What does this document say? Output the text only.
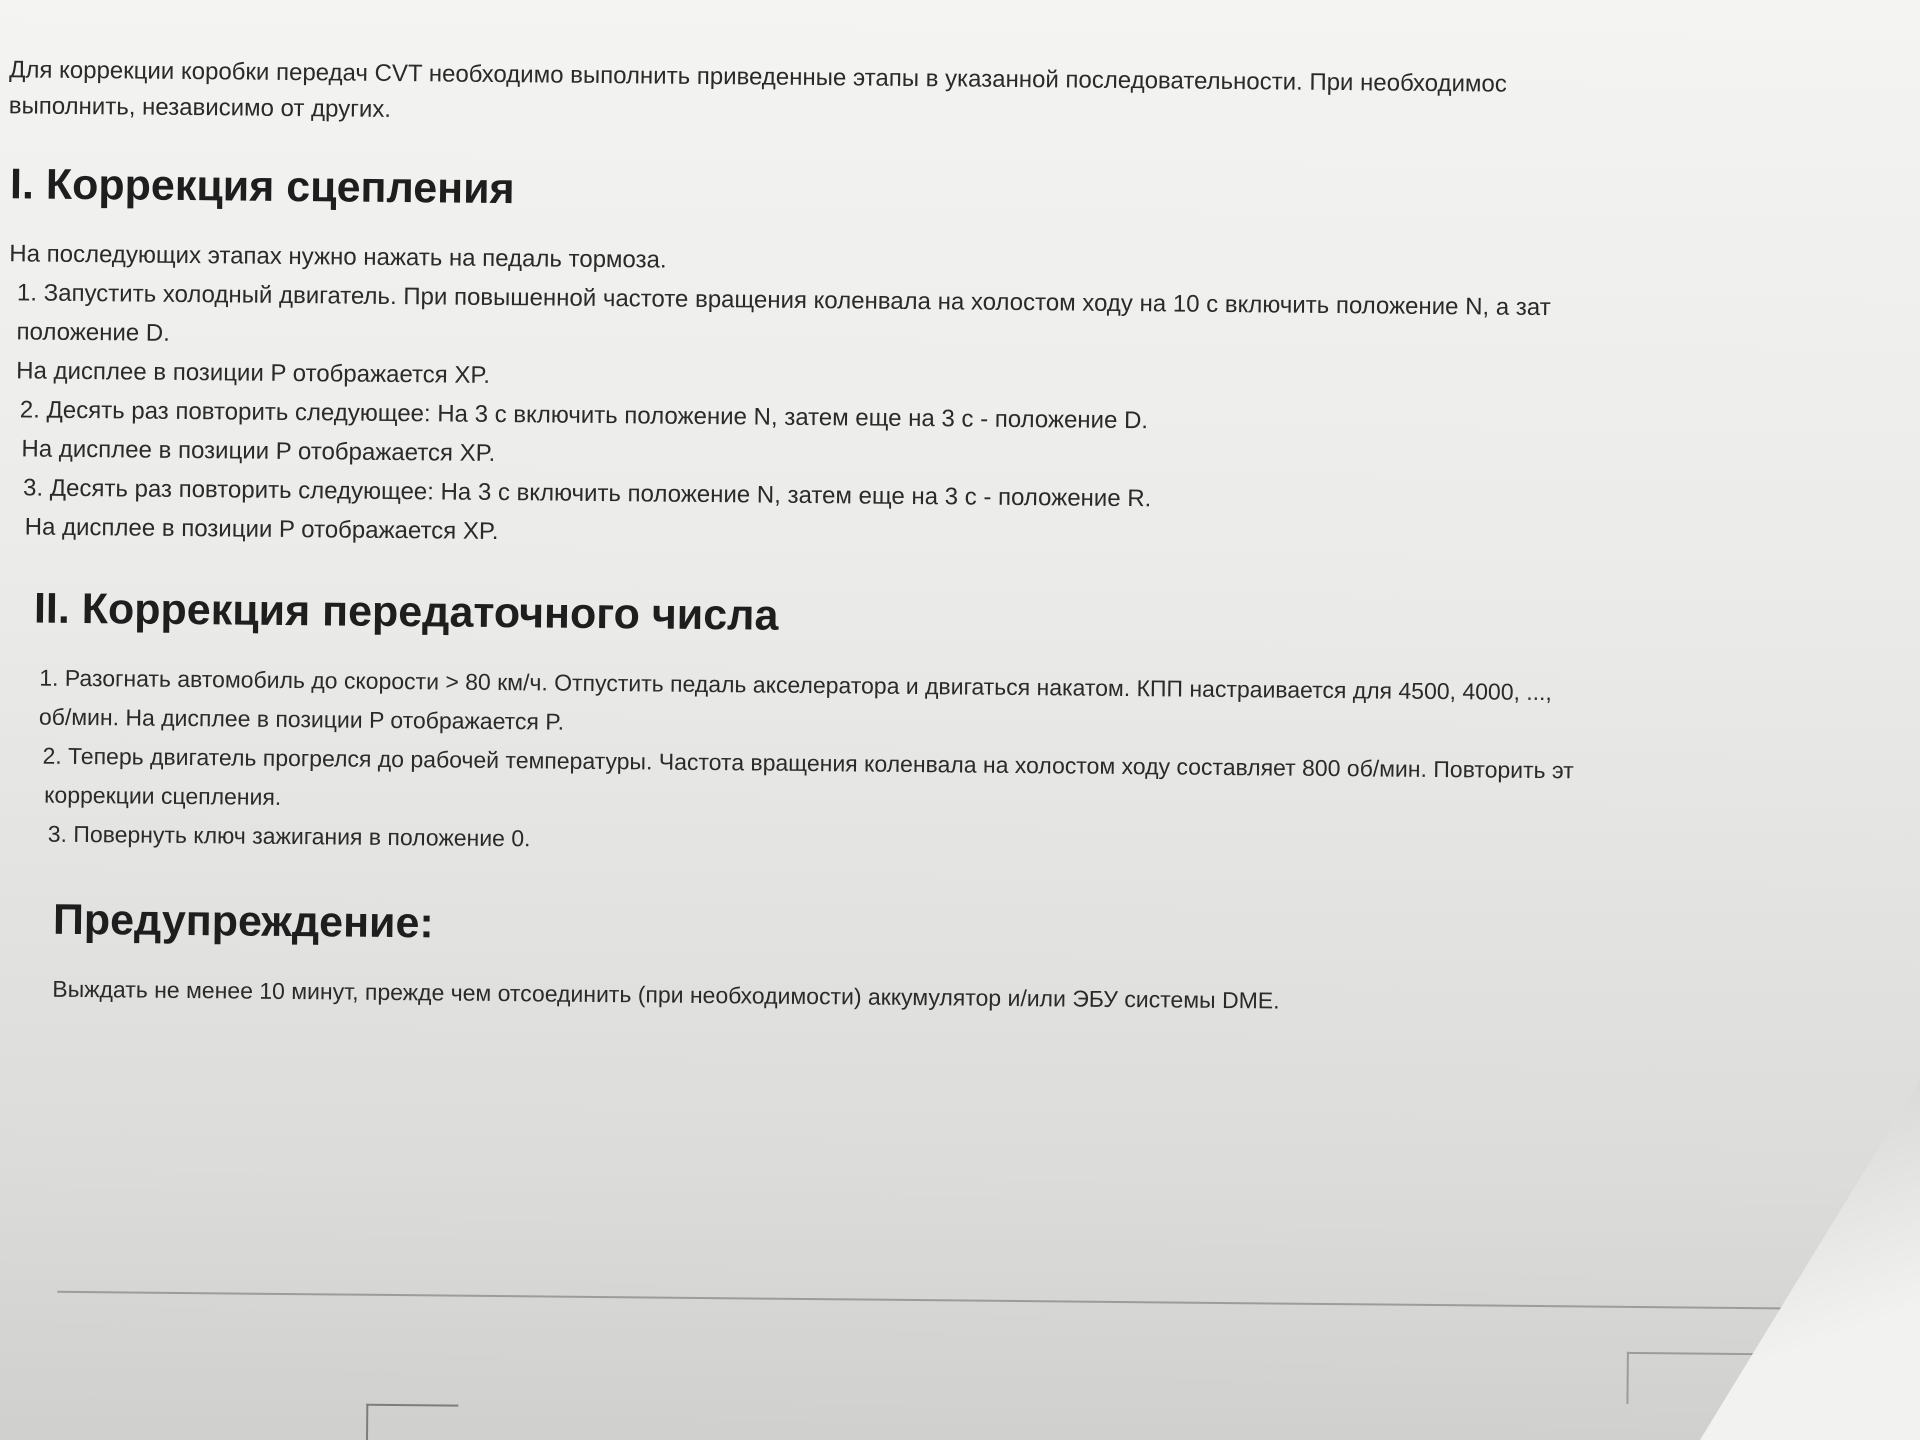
Для коррекции коробки передач CVT необходимо выполнить приведенные этапы в указанной последовательности. При необходимос
выполнить, независимо от других.
I. Коррекция сцепления
На последующих этапах нужно нажать на педаль тормоза.
1. Запустить холодный двигатель. При повышенной частоте вращения коленвала на холостом ходу на 10 с включить положение N, а зат
положение D.
На дисплее в позиции P отображается XP.
2. Десять раз повторить следующее: На 3 с включить положение N, затем еще на 3 с - положение D.
На дисплее в позиции P отображается XP.
3. Десять раз повторить следующее: На 3 с включить положение N, затем еще на 3 с - положение R.
На дисплее в позиции P отображается XP.
II. Коррекция передаточного числа
1. Разогнать автомобиль до скорости > 80 км/ч. Отпустить педаль акселератора и двигаться накатом. КПП настраивается для 4500, 4000, ...,
об/мин. На дисплее в позиции P отображается P.
2. Теперь двигатель прогрелся до рабочей температуры. Частота вращения коленвала на холостом ходу составляет 800 об/мин. Повторить эт
коррекции сцепления.
3. Повернуть ключ зажигания в положение 0.
Предупреждение:
Выждать не менее 10 минут, прежде чем отсоединить (при необходимости) аккумулятор и/или ЭБУ системы DME.
